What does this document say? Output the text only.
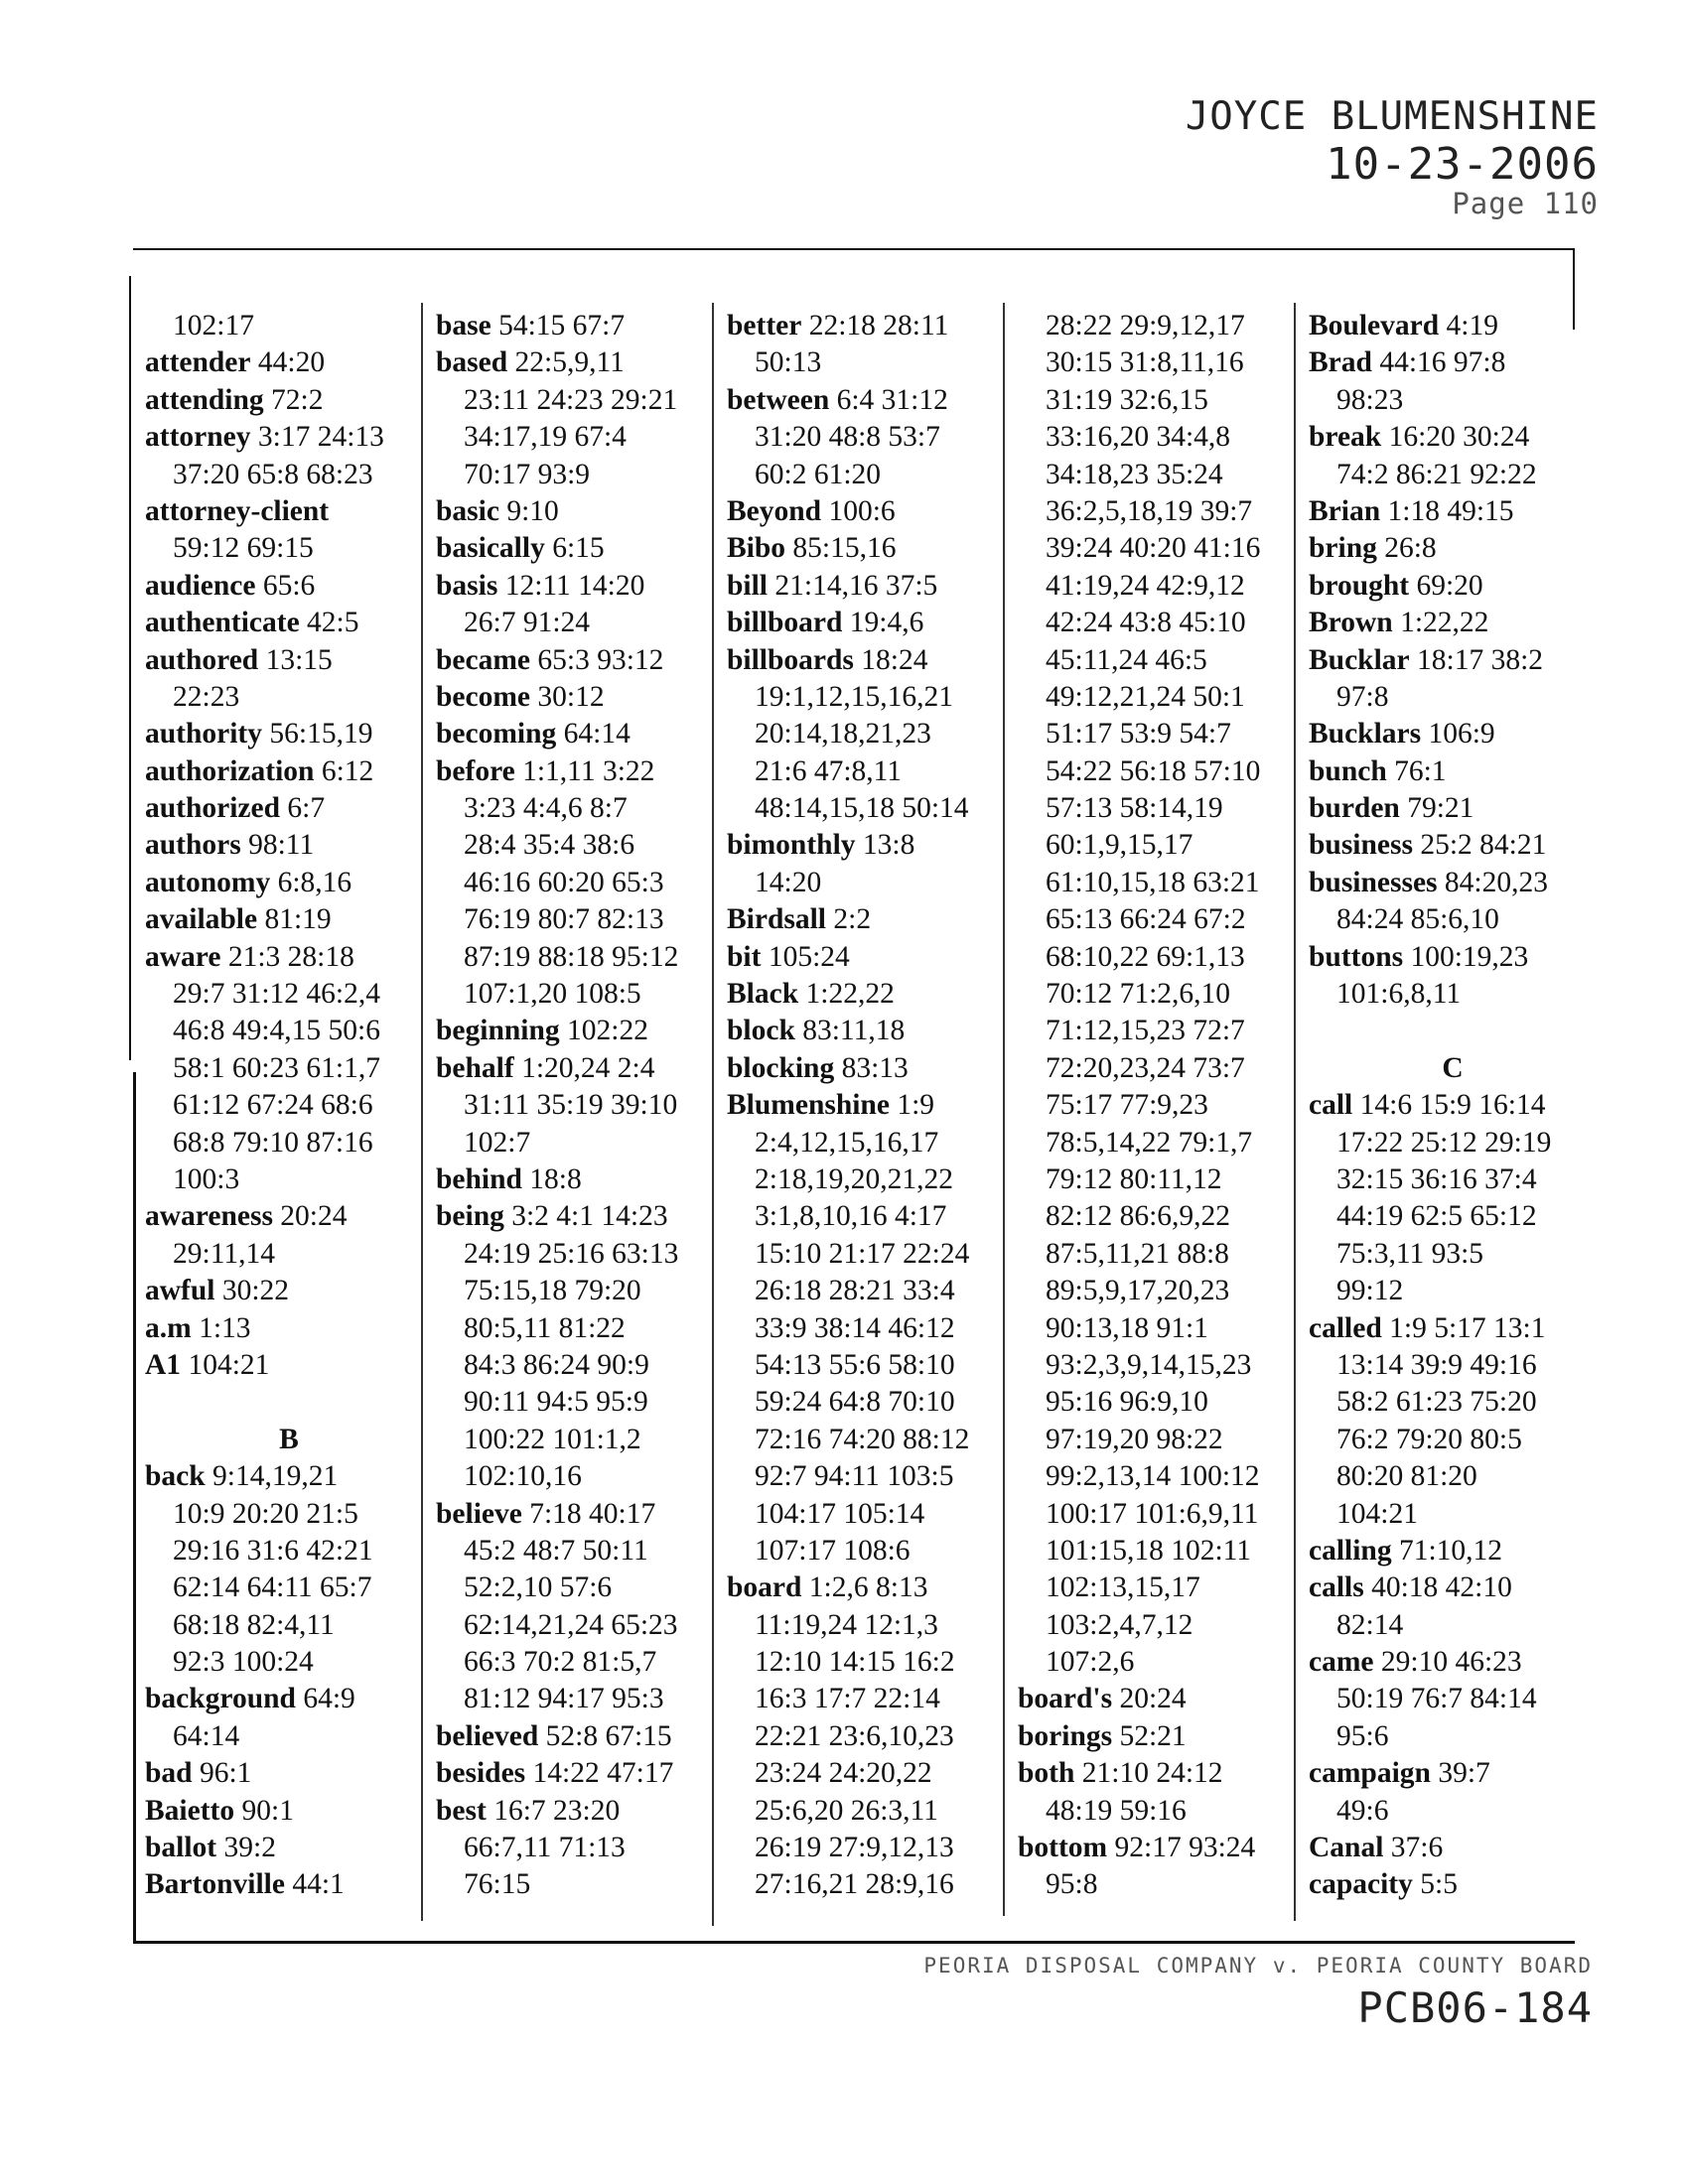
JOYCE BLUMENSHINE
10-23-2006
Page 110
102:17
attender 44:20
attending 72:2
attorney 3:17 24:13
37:20 65:8 68:23
attorney-client
59:12 69:15
audience 65:6
authenticate 42:5
authored 13:15
22:23
authority 56:15,19
authorization 6:12
authorized 6:7
authors 98:11
autonomy 6:8,16
available 81:19
aware 21:3 28:18
29:7 31:12 46:2,4
46:8 49:4,15 50:6
58:1 60:23 61:1,7
61:12 67:24 68:6
68:8 79:10 87:16
100:3
awareness 20:24
29:11,14
awful 30:22
a.m 1:13
A1 104:21
B
back 9:14,19,21
10:9 20:20 21:5
29:16 31:6 42:21
62:14 64:11 65:7
68:18 82:4,11
92:3 100:24
background 64:9
64:14
bad 96:1
Baietto 90:1
ballot 39:2
Bartonville 44:1
base 54:15 67:7
based 22:5,9,11
23:11 24:23 29:21
34:17,19 67:4
70:17 93:9
basic 9:10
basically 6:15
basis 12:11 14:20
26:7 91:24
became 65:3 93:12
become 30:12
becoming 64:14
before 1:1,11 3:22
3:23 4:4,6 8:7
28:4 35:4 38:6
46:16 60:20 65:3
76:19 80:7 82:13
87:19 88:18 95:12
107:1,20 108:5
beginning 102:22
behalf 1:20,24 2:4
31:11 35:19 39:10
102:7
behind 18:8
being 3:2 4:1 14:23
24:19 25:16 63:13
75:15,18 79:20
80:5,11 81:22
84:3 86:24 90:9
90:11 94:5 95:9
100:22 101:1,2
102:10,16
believe 7:18 40:17
45:2 48:7 50:11
52:2,10 57:6
62:14,21,24 65:23
66:3 70:2 81:5,7
81:12 94:17 95:3
believed 52:8 67:15
besides 14:22 47:17
best 16:7 23:20
66:7,11 71:13
76:15
better 22:18 28:11
50:13
between 6:4 31:12
31:20 48:8 53:7
60:2 61:20
Beyond 100:6
Bibo 85:15,16
bill 21:14,16 37:5
billboard 19:4,6
billboards 18:24
19:1,12,15,16,21
20:14,18,21,23
21:6 47:8,11
48:14,15,18 50:14
bimonthly 13:8
14:20
Birdsall 2:2
bit 105:24
Black 1:22,22
block 83:11,18
blocking 83:13
Blumenshine 1:9
2:4,12,15,16,17
2:18,19,20,21,22
3:1,8,10,16 4:17
15:10 21:17 22:24
26:18 28:21 33:4
33:9 38:14 46:12
54:13 55:6 58:10
59:24 64:8 70:10
72:16 74:20 88:12
92:7 94:11 103:5
104:17 105:14
107:17 108:6
board 1:2,6 8:13
11:19,24 12:1,3
12:10 14:15 16:2
16:3 17:7 22:14
22:21 23:6,10,23
23:24 24:20,22
25:6,20 26:3,11
26:19 27:9,12,13
27:16,21 28:9,16
28:22 29:9,12,17
30:15 31:8,11,16
31:19 32:6,15
33:16,20 34:4,8
34:18,23 35:24
36:2,5,18,19 39:7
39:24 40:20 41:16
41:19,24 42:9,12
42:24 43:8 45:10
45:11,24 46:5
49:12,21,24 50:1
51:17 53:9 54:7
54:22 56:18 57:10
57:13 58:14,19
60:1,9,15,17
61:10,15,18 63:21
65:13 66:24 67:2
68:10,22 69:1,13
70:12 71:2,6,10
71:12,15,23 72:7
72:20,23,24 73:7
75:17 77:9,23
78:5,14,22 79:1,7
79:12 80:11,12
82:12 86:6,9,22
87:5,11,21 88:8
89:5,9,17,20,23
90:13,18 91:1
93:2,3,9,14,15,23
95:16 96:9,10
97:19,20 98:22
99:2,13,14 100:12
100:17 101:6,9,11
101:15,18 102:11
102:13,15,17
103:2,4,7,12
107:2,6
board's 20:24
borings 52:21
both 21:10 24:12
48:19 59:16
bottom 92:17 93:24
95:8
Boulevard 4:19
Brad 44:16 97:8
98:23
break 16:20 30:24
74:2 86:21 92:22
Brian 1:18 49:15
bring 26:8
brought 69:20
Brown 1:22,22
Bucklar 18:17 38:2
97:8
Bucklars 106:9
bunch 76:1
burden 79:21
business 25:2 84:21
businesses 84:20,23
84:24 85:6,10
buttons 100:19,23
101:6,8,11
C
call 14:6 15:9 16:14
17:22 25:12 29:19
32:15 36:16 37:4
44:19 62:5 65:12
75:3,11 93:5
99:12
called 1:9 5:17 13:1
13:14 39:9 49:16
58:2 61:23 75:20
76:2 79:20 80:5
80:20 81:20
104:21
calling 71:10,12
calls 40:18 42:10
82:14
came 29:10 46:23
50:19 76:7 84:14
95:6
campaign 39:7
49:6
Canal 37:6
capacity 5:5
PEORIA DISPOSAL COMPANY v. PEORIA COUNTY BOARD
PCB06-184
